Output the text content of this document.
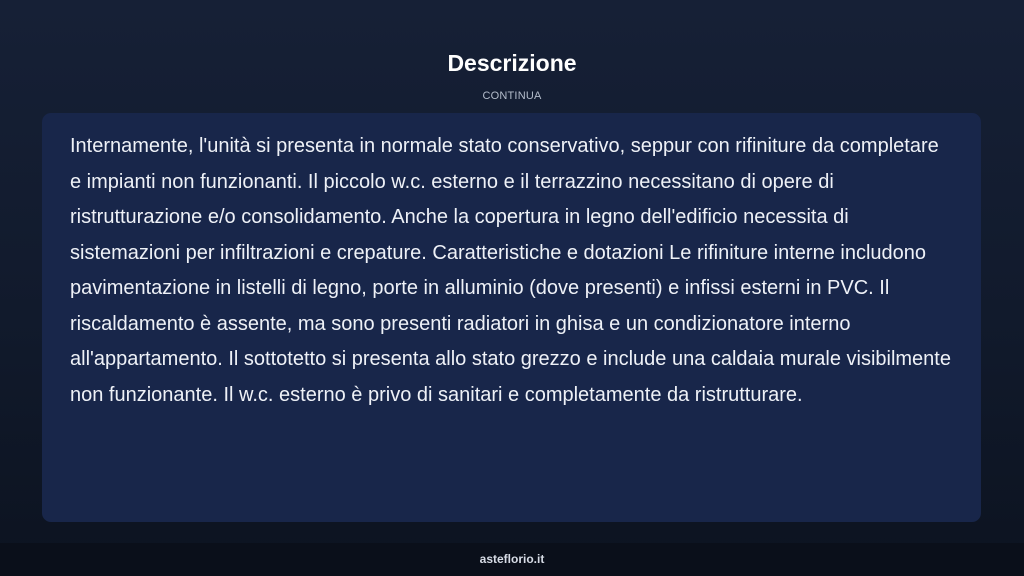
Descrizione
CONTINUA

Internamente, l'unità si presenta in normale stato conservativo, seppur con rifiniture da completare e impianti non funzionanti. Il piccolo w.c. esterno e il terrazzino necessitano di opere di ristrutturazione e/o consolidamento. Anche la copertura in legno dell'edificio necessita di sistemazioni per infiltrazioni e crepature. Caratteristiche e dotazioni Le rifiniture interne includono pavimentazione in listelli di legno, porte in alluminio (dove presenti) e infissi esterni in PVC. Il riscaldamento è assente, ma sono presenti radiatori in ghisa e un condizionatore interno all'appartamento. Il sottotetto si presenta allo stato grezzo e include una caldaia murale visibilmente non funzionante. Il w.c. esterno è privo di sanitari e completamente da ristrutturare.

asteflorio.it
